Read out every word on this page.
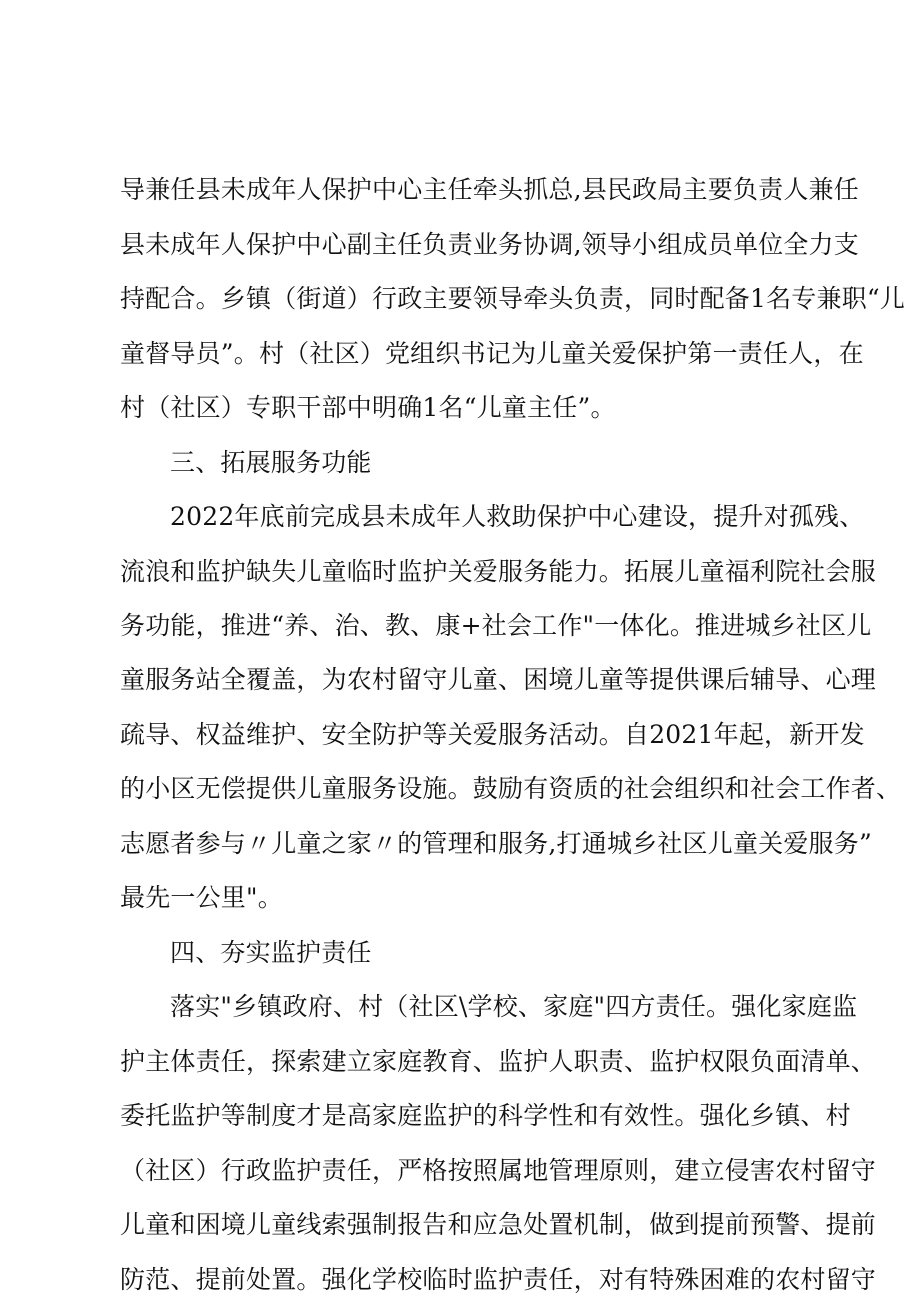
导兼任县未成年人保护中心主任牵头抓总,县民政局主要负责人兼任
县未成年人保护中心副主任负责业务协调,领导小组成员单位全力支
持配合。乡镇（街道）行政主要领导牵头负责，同时配备1名专兼职“儿
童督导员”。村（社区）党组织书记为儿童关爱保护第一责任人，在
村（社区）专职干部中明确1名“儿童主任”。
三、拓展服务功能
2022年底前完成县未成年人救助保护中心建设，提升对孤残、
流浪和监护缺失儿童临时监护关爱服务能力。拓展儿童福利院社会服
务功能，推进“养、治、教、康+社会工作"一体化。推进城乡社区儿
童服务站全覆盖，为农村留守儿童、困境儿童等提供课后辅导、心理
疏导、权益维护、安全防护等关爱服务活动。自2021年起，新开发
的小区无偿提供儿童服务设施。鼓励有资质的社会组织和社会工作者、
志愿者参与〃儿童之家〃的管理和服务,打通城乡社区儿童关爱服务”
最先一公里"。
四、夯实监护责任
落实"乡镇政府、村（社区\学校、家庭"四方责任。强化家庭监
护主体责任，探索建立家庭教育、监护人职责、监护权限负面清单、
委托监护等制度才是高家庭监护的科学性和有效性。强化乡镇、村
（社区）行政监护责任，严格按照属地管理原则，建立侵害农村留守
儿童和困境儿童线索强制报告和应急处置机制，做到提前预警、提前
防范、提前处置。强化学校临时监护责任，对有特殊困难的农村留守
